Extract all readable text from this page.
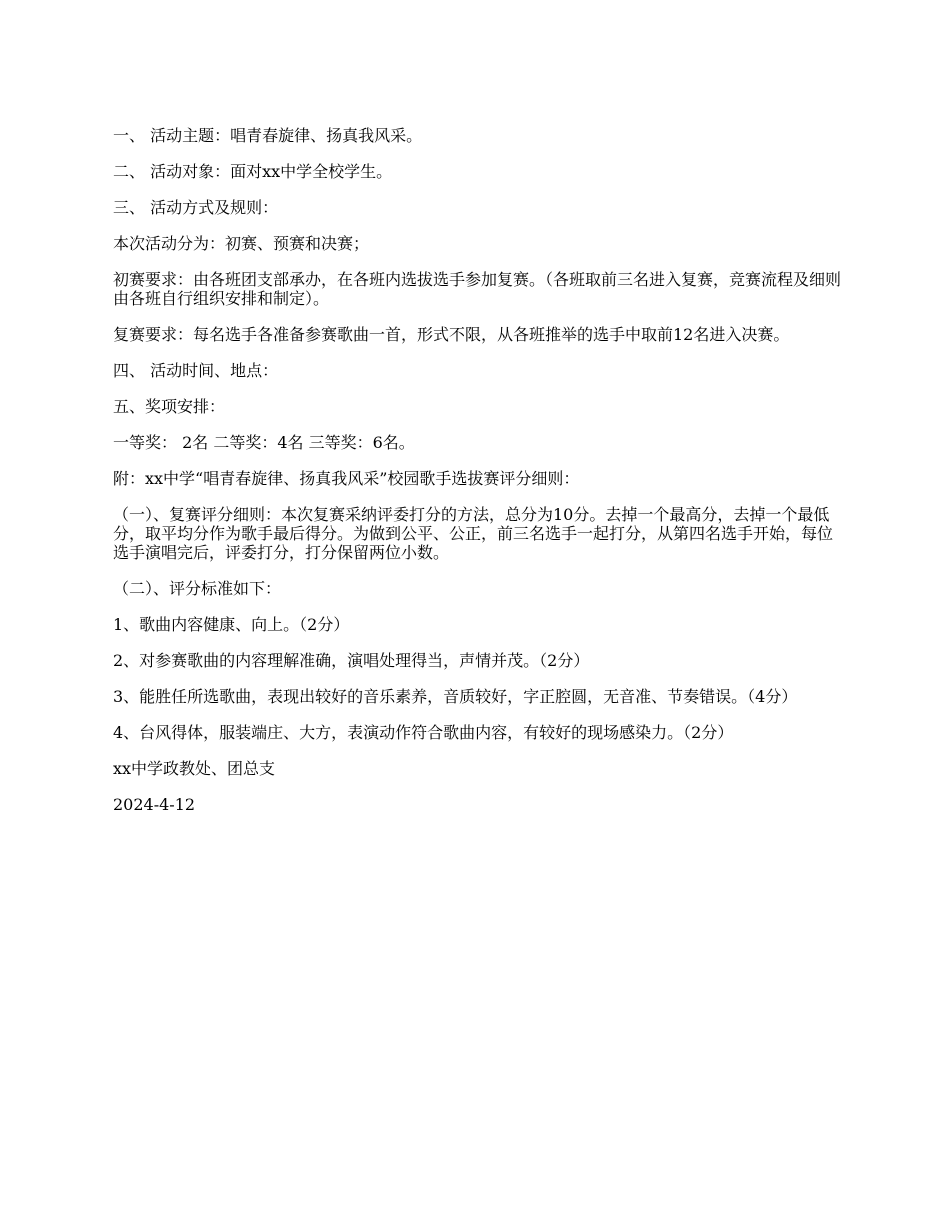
一、 活动主题：唱青春旋律、扬真我风采。

二、 活动对象：面对xx中学全校学生。

三、 活动方式及规则：

本次活动分为：初赛、预赛和决赛；

初赛要求：由各班团支部承办，在各班内选拔选手参加复赛。（各班取前三名进入复赛，竞赛流程及细则由各班自行组织安排和制定）。

复赛要求：每名选手各准备参赛歌曲一首，形式不限，从各班推举的选手中取前12名进入决赛。

四、 活动时间、地点：

五、奖项安排：

一等奖： 2名 二等奖：4名 三等奖：6名。

附：xx中学“唱青春旋律、扬真我风采”校园歌手选拔赛评分细则：

（一）、复赛评分细则：本次复赛采纳评委打分的方法，总分为10分。去掉一个最高分，去掉一个最低分，取平均分作为歌手最后得分。为做到公平、公正，前三名选手一起打分，从第四名选手开始，每位选手演唱完后，评委打分，打分保留两位小数。

（二）、评分标准如下：

1、歌曲内容健康、向上。（2分）

2、对参赛歌曲的内容理解准确，演唱处理得当，声情并茂。（2分）

3、能胜任所选歌曲，表现出较好的音乐素养，音质较好，字正腔圆，无音准、节奏错误。（4分）

4、台风得体，服装端庄、大方，表演动作符合歌曲内容，有较好的现场感染力。（2分）

xx中学政教处、团总支

2024-4-12
